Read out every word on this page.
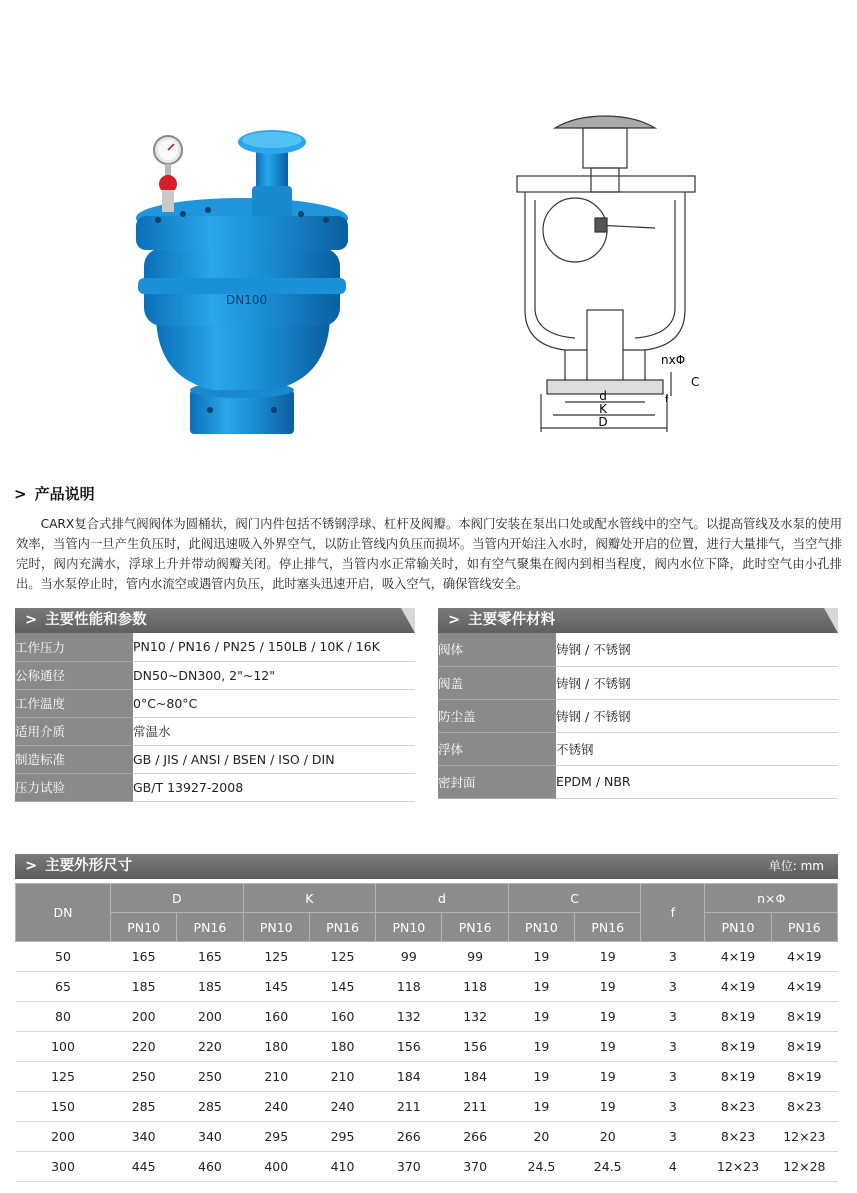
DN100
d
K
D
nxΦ
C
f
> 产品说明
CARX复合式排气阀阀体为圆桶状，阀门内件包括不锈钢浮球、杠杆及阀瓣。本阀门安装在泵出口处或配水管线中的空气。以提高管线及水泵的使用效率，当管内一旦产生负压时，此阀迅速吸入外界空气，以防止管线内负压而损坏。当管内开始注入水时，阀瓣处开启的位置，进行大量排气，当空气排完时，阀内充满水，浮球上升并带动阀瓣关闭。停止排气，当管内水正常输关时，如有空气聚集在阀内到相当程度，阀内水位下降，此时空气由小孔排出。当水泵停止时，管内水流空或遇管内负压，此时塞头迅速开启，吸入空气，确保管线安全。
> 主要性能和参数
工作压力	PN10 / PN16 / PN25 / 150LB / 10K / 16K
公称通径	DN50~DN300, 2"~12"
工作温度	0°C~80°C
适用介质	常温水
制造标准	GB / JIS / ANSI / BSEN / ISO / DIN
压力试验	GB/T 13927-2008
> 主要零件材料
阀体	铸钢 / 不锈钢
阀盖	铸钢 / 不锈钢
防尘盖	铸钢 / 不锈钢
浮体	不锈钢
密封面	EPDM / NBR
> 主要外形尺寸	单位: mm
DN	D		K		d		C		f	n×Φ	
	PN10	PN16	PN10	PN16	PN10	PN16	PN10	PN16		PN10	PN16
50	165	165	125	125	99	99	19	19	3	4×19	4×19
65	185	185	145	145	118	118	19	19	3	4×19	4×19
80	200	200	160	160	132	132	19	19	3	8×19	8×19
100	220	220	180	180	156	156	19	19	3	8×19	8×19
125	250	250	210	210	184	184	19	19	3	8×19	8×19
150	285	285	240	240	211	211	19	19	3	8×23	8×23
200	340	340	295	295	266	266	20	20	3	8×23	12×23
300	445	460	400	410	370	370	24.5	24.5	4	12×23	12×28
